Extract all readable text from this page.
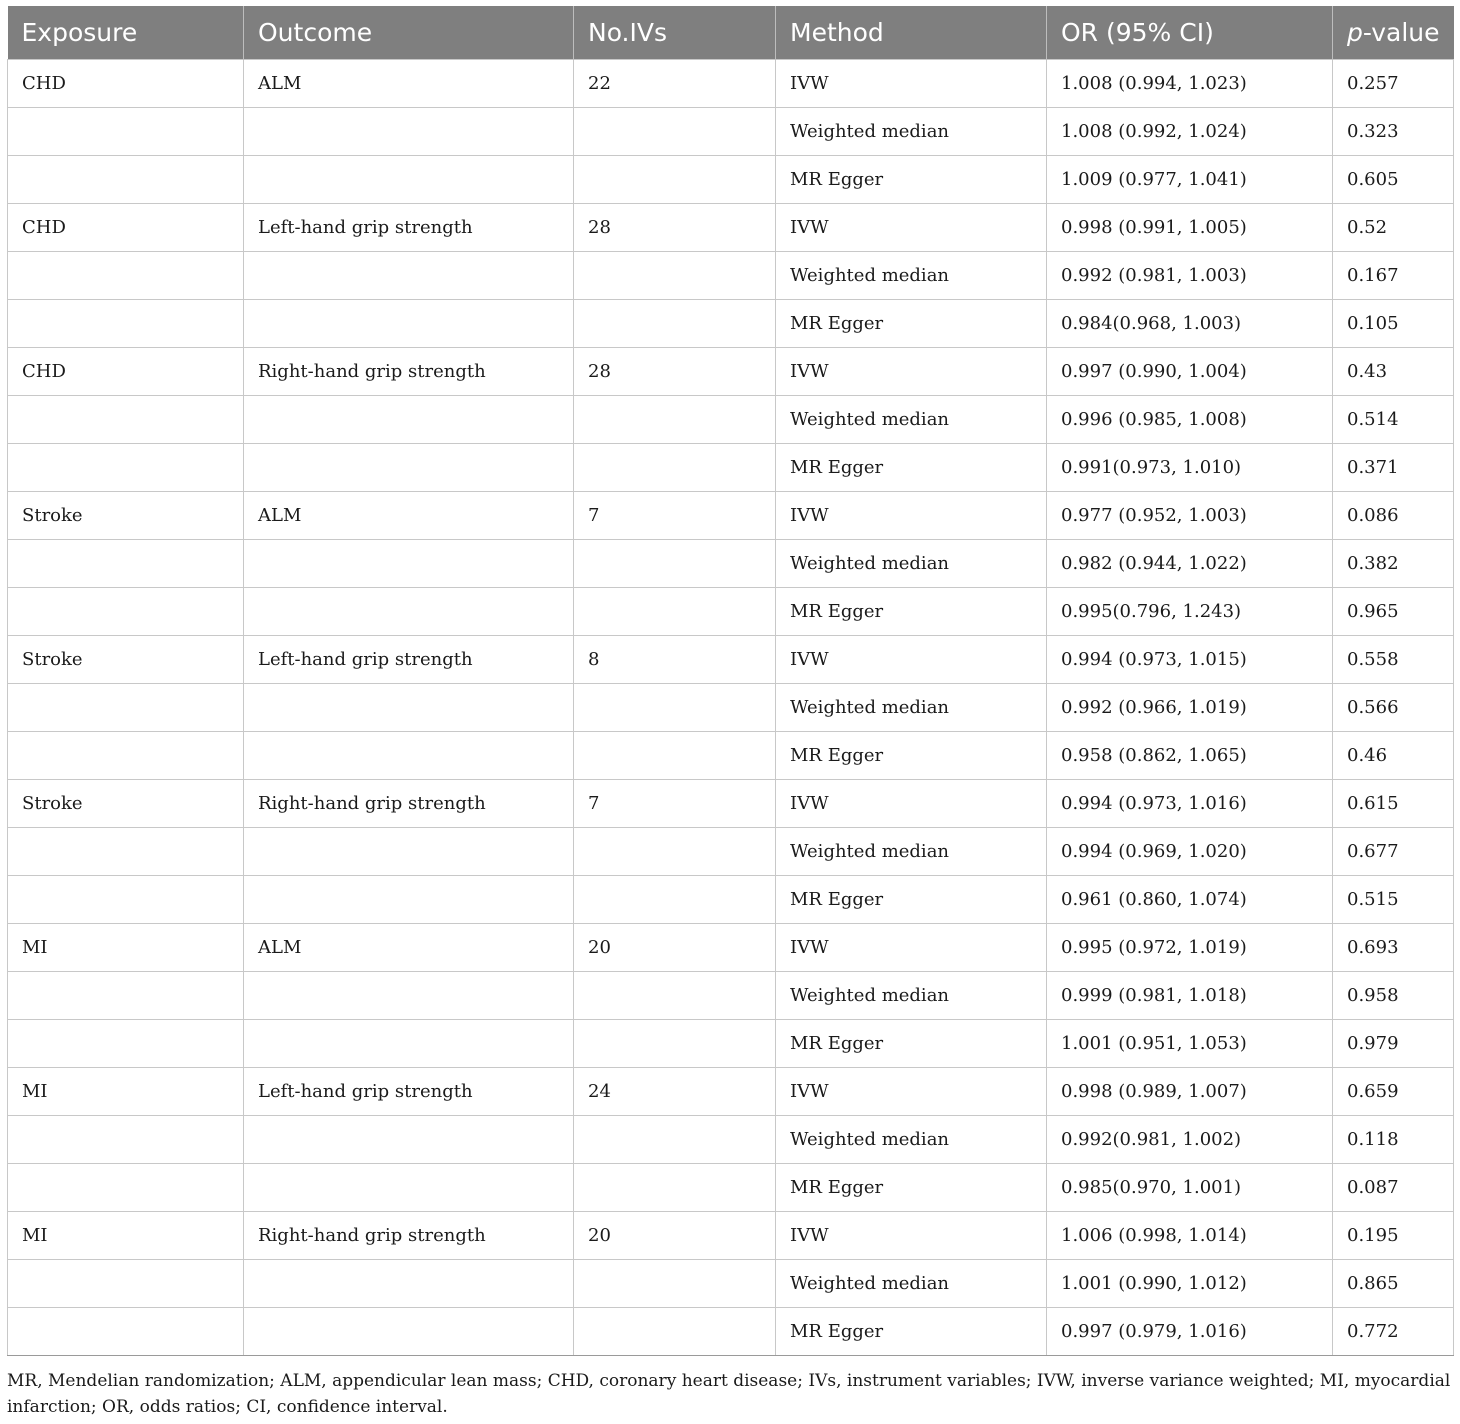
Exposure	Outcome	No.IVs	Method	OR (95% CI)	p-value
CHD	ALM	22	IVW	1.008 (0.994, 1.023)	0.257
			Weighted median	1.008 (0.992, 1.024)	0.323
			MR Egger	1.009 (0.977, 1.041)	0.605
CHD	Left-hand grip strength	28	IVW	0.998 (0.991, 1.005)	0.52
			Weighted median	0.992 (0.981, 1.003)	0.167
			MR Egger	0.984(0.968, 1.003)	0.105
CHD	Right-hand grip strength	28	IVW	0.997 (0.990, 1.004)	0.43
			Weighted median	0.996 (0.985, 1.008)	0.514
			MR Egger	0.991(0.973, 1.010)	0.371
Stroke	ALM	7	IVW	0.977 (0.952, 1.003)	0.086
			Weighted median	0.982 (0.944, 1.022)	0.382
			MR Egger	0.995(0.796, 1.243)	0.965
Stroke	Left-hand grip strength	8	IVW	0.994 (0.973, 1.015)	0.558
			Weighted median	0.992 (0.966, 1.019)	0.566
			MR Egger	0.958 (0.862, 1.065)	0.46
Stroke	Right-hand grip strength	7	IVW	0.994 (0.973, 1.016)	0.615
			Weighted median	0.994 (0.969, 1.020)	0.677
			MR Egger	0.961 (0.860, 1.074)	0.515
MI	ALM	20	IVW	0.995 (0.972, 1.019)	0.693
			Weighted median	0.999 (0.981, 1.018)	0.958
			MR Egger	1.001 (0.951, 1.053)	0.979
MI	Left-hand grip strength	24	IVW	0.998 (0.989, 1.007)	0.659
			Weighted median	0.992(0.981, 1.002)	0.118
			MR Egger	0.985(0.970, 1.001)	0.087
MI	Right-hand grip strength	20	IVW	1.006 (0.998, 1.014)	0.195
			Weighted median	1.001 (0.990, 1.012)	0.865
			MR Egger	0.997 (0.979, 1.016)	0.772

MR, Mendelian randomization; ALM, appendicular lean mass; CHD, coronary heart disease; IVs, instrument variables; IVW, inverse variance weighted; MI, myocardial infarction; OR, odds ratios; CI, confidence interval.
